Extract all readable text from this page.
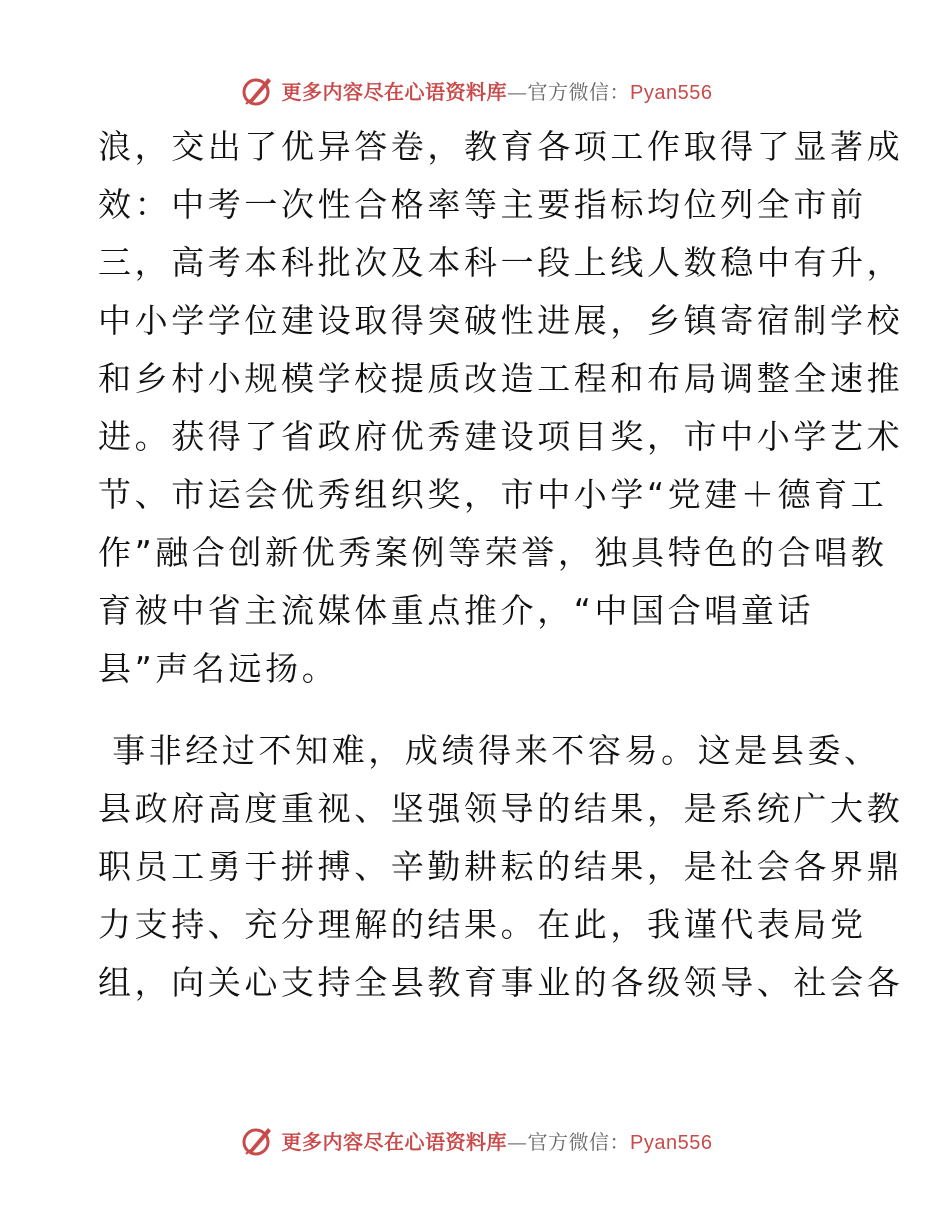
更多内容尽在心语资料库—官方微信：Pyan556
浪，交出了优异答卷，教育各项工作取得了显著成
效：中考一次性合格率等主要指标均位列全市前
三，高考本科批次及本科一段上线人数稳中有升，
中小学学位建设取得突破性进展，乡镇寄宿制学校
和乡村小规模学校提质改造工程和布局调整全速推
进。获得了省政府优秀建设项目奖，市中小学艺术
节、市运会优秀组织奖，市中小学“党建＋德育工
作”融合创新优秀案例等荣誉，独具特色的合唱教
育被中省主流媒体重点推介，“中国合唱童话
县”声名远扬。
事非经过不知难，成绩得来不容易。这是县委、
县政府高度重视、坚强领导的结果，是系统广大教
职员工勇于拼搏、辛勤耕耘的结果，是社会各界鼎
力支持、充分理解的结果。在此，我谨代表局党
组，向关心支持全县教育事业的各级领导、社会各
更多内容尽在心语资料库—官方微信：Pyan556
